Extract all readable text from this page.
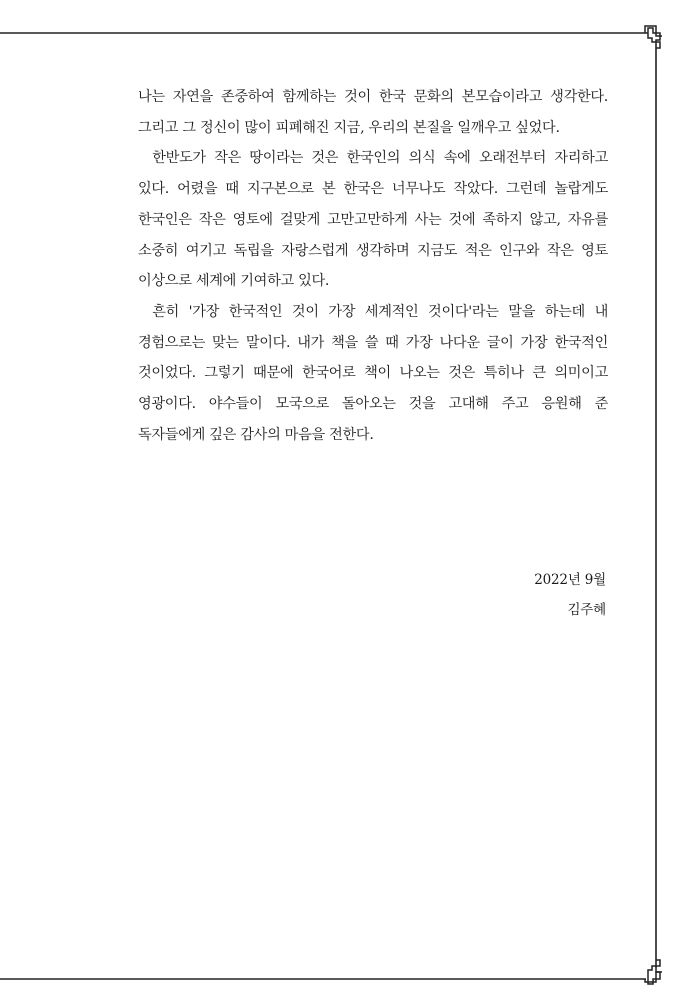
나는 자연을 존중하여 함께하는 것이 한국 문화의 본모습이라고 생각한다. 그리고 그 정신이 많이 피폐해진 지금, 우리의 본질을 일깨우고 싶었다.

한반도가 작은 땅이라는 것은 한국인의 의식 속에 오래전부터 자리하고 있다. 어렸을 때 지구본으로 본 한국은 너무나도 작았다. 그런데 놀랍게도 한국인은 작은 영토에 걸맞게 고만고만하게 사는 것에 족하지 않고, 자유를 소중히 여기고 독립을 자랑스럽게 생각하며 지금도 적은 인구와 작은 영토 이상으로 세계에 기여하고 있다.

흔히 '가장 한국적인 것이 가장 세계적인 것이다'라는 말을 하는데 내 경험으로는 맞는 말이다. 내가 책을 쓸 때 가장 나다운 글이 가장 한국적인 것이었다. 그렇기 때문에 한국어로 책이 나오는 것은 특히나 큰 의미이고 영광이다. 야수들이 모국으로 돌아오는 것을 고대해 주고 응원해 준 독자들에게 깊은 감사의 마음을 전한다.

2022년 9월
김주혜
